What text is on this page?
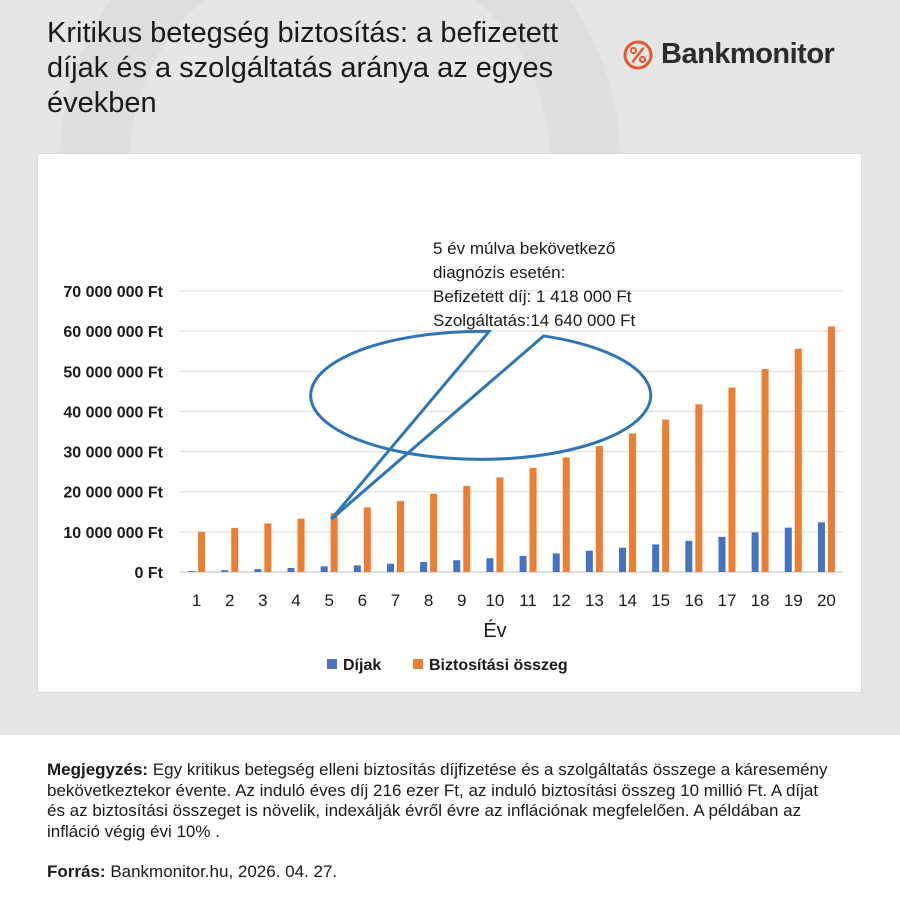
Kritikus betegség biztosítás: a befizetett díjak és a szolgáltatás aránya az egyes években
Bankmonitor
0 Ft
10 000 000 Ft
20 000 000 Ft
30 000 000 Ft
40 000 000 Ft
50 000 000 Ft
60 000 000 Ft
70 000 000 Ft
1 2 3 4 5 6 7 8 9 10 11 12 13 14 15 16 17 18 19 20
Év
Díjak	Biztosítási összeg
5 év múlva bekövetkező
diagnózis esetén:
Befizetett díj: 1 418 000 Ft
Szolgáltatás:14 640 000 Ft

Megjegyzés: Egy kritikus betegség elleni biztosítás díjfizetése és a szolgáltatás összege a káresemény bekövetkeztekor évente. Az induló éves díj 216 ezer Ft, az induló biztosítási összeg 10 millió Ft. A díjat és az biztosítási összeget is növelik, indexálják évről évre az inflációnak megfelelően. A példában az infláció végig évi 10% .

Forrás: Bankmonitor.hu, 2026. 04. 27.
